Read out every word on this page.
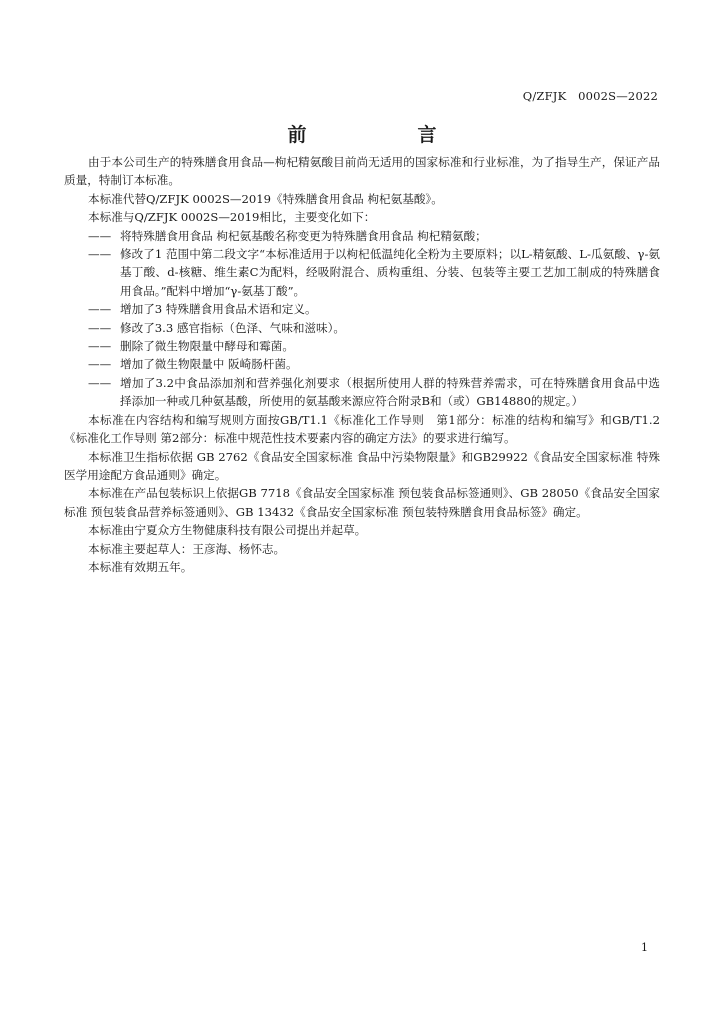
Q/ZFJK　0002S—2022
前　言

由于本公司生产的特殊膳食用食品—枸杞精氨酸目前尚无适用的国家标准和行业标准，为了指导生产，保证产品质量，特制订本标准。

本标准代替Q/ZFJK 0002S—2019《特殊膳食用食品 枸杞氨基酸》。

本标准与Q/ZFJK 0002S—2019相比，主要变化如下：

—— 将特殊膳食用食品 枸杞氨基酸名称变更为特殊膳食用食品 枸杞精氨酸；

—— 修改了1 范围中第二段文字“本标准适用于以枸杞低温纯化全粉为主要原料；以L-精氨酸、L-瓜氨酸、γ-氨基丁酸、d-核糖、维生素C为配料，经吸附混合、质构重组、分装、包装等主要工艺加工制成的特殊膳食用食品。”配料中增加“γ-氨基丁酸”。

—— 增加了3 特殊膳食用食品术语和定义。

—— 修改了3.3 感官指标（色泽、气味和滋味）。

—— 删除了微生物限量中酵母和霉菌。

—— 增加了微生物限量中 阪崎肠杆菌。

—— 增加了3.2中食品添加剂和营养强化剂要求（根据所使用人群的特殊营养需求，可在特殊膳食用食品中选择添加一种或几种氨基酸，所使用的氨基酸来源应符合附录B和（或）GB14880的规定。）

本标准在内容结构和编写规则方面按GB/T1.1《标准化工作导则　第1部分：标准的结构和编写》和GB/T1.2《标准化工作导则 第2部分：标准中规范性技术要素内容的确定方法》的要求进行编写。

本标准卫生指标依据 GB 2762《食品安全国家标准 食品中污染物限量》和GB29922《食品安全国家标准 特殊医学用途配方食品通则》确定。

本标准在产品包装标识上依据GB 7718《食品安全国家标准 预包装食品标签通则》、GB 28050《食品安全国家标准 预包装食品营养标签通则》、GB 13432《食品安全国家标准 预包装特殊膳食用食品标签》确定。

本标准由宁夏众方生物健康科技有限公司提出并起草。

本标准主要起草人：王彦海、杨怀志。

本标准有效期五年。

1
